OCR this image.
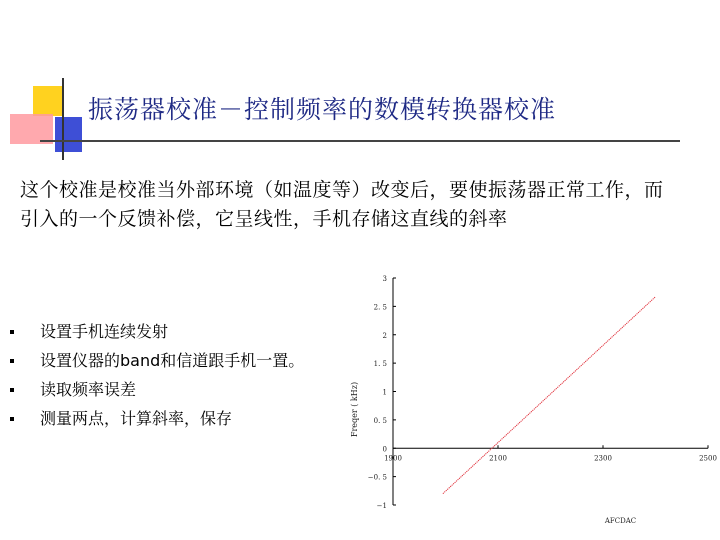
振荡器校准－控制频率的数模转换器校准
这个校准是校准当外部环境（如温度等）改变后，要使振荡器正常工作，而引入的一个反馈补偿，它呈线性，手机存储这直线的斜率
设置手机连续发射
设置仪器的band和信道跟手机一置。
读取频率误差
测量两点，计算斜率，保存
3
2. 5
2
1. 5
1
0. 5
0
−0. 5
−1
1900	2100	2300	2500
Freqer ( kHz)
AFCDAC
